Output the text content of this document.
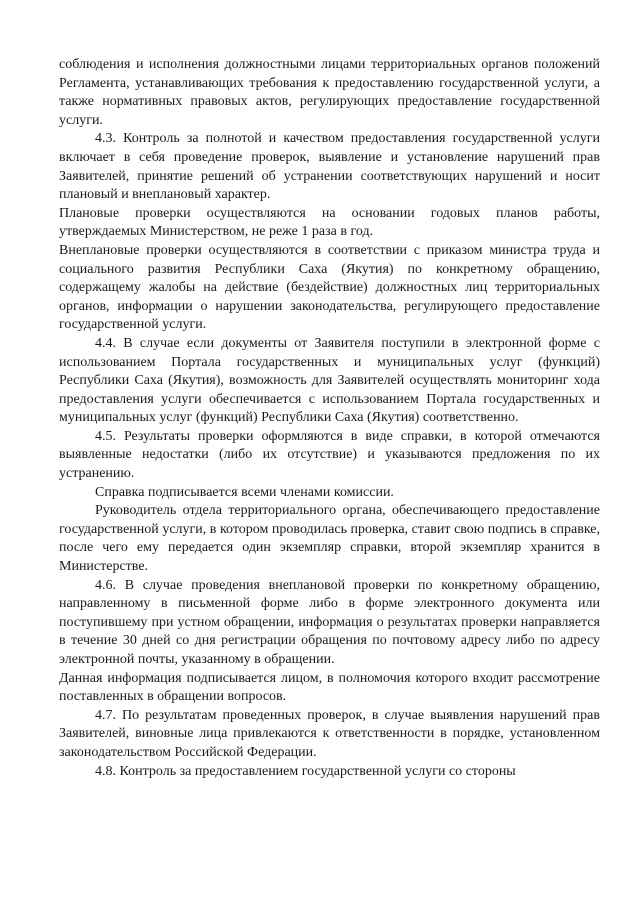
соблюдения и исполнения должностными лицами территориальных органов положений Регламента, устанавливающих требования к предоставлению государственной услуги, а также нормативных правовых актов, регулирующих предоставление государственной услуги.

4.3. Контроль за полнотой и качеством предоставления государственной услуги включает в себя проведение проверок, выявление и установление нарушений прав Заявителей, принятие решений об устранении соответствующих нарушений и носит плановый и внеплановый характер.

Плановые проверки осуществляются на основании годовых планов работы, утверждаемых Министерством, не реже 1 раза в год.

Внеплановые проверки осуществляются в соответствии с приказом министра труда и социального развития Республики Саха (Якутия) по конкретному обращению, содержащему жалобы на действие (бездействие) должностных лиц территориальных органов, информации о нарушении законодательства, регулирующего предоставление государственной услуги.

4.4. В случае если документы от Заявителя поступили в электронной форме с использованием Портала государственных и муниципальных услуг (функций) Республики Саха (Якутия), возможность для Заявителей осуществлять мониторинг хода предоставления услуги обеспечивается с использованием Портала государственных и муниципальных услуг (функций) Республики Саха (Якутия) соответственно.

4.5. Результаты проверки оформляются в виде справки, в которой отмечаются выявленные недостатки (либо их отсутствие) и указываются предложения по их устранению.

Справка подписывается всеми членами комиссии.

Руководитель отдела территориального органа, обеспечивающего предоставление государственной услуги, в котором проводилась проверка, ставит свою подпись в справке, после чего ему передается один экземпляр справки, второй экземпляр хранится в Министерстве.

4.6. В случае проведения внеплановой проверки по конкретному обращению, направленному в письменной форме либо в форме электронного документа или поступившему при устном обращении, информация о результатах проверки направляется в течение 30 дней со дня регистрации обращения по почтовому адресу либо по адресу электронной почты, указанному в обращении.

Данная информация подписывается лицом, в полномочия которого входит рассмотрение поставленных в обращении вопросов.

4.7. По результатам проведенных проверок, в случае выявления нарушений прав Заявителей, виновные лица привлекаются к ответственности в порядке, установленном законодательством Российской Федерации.

4.8. Контроль за предоставлением государственной услуги со стороны
